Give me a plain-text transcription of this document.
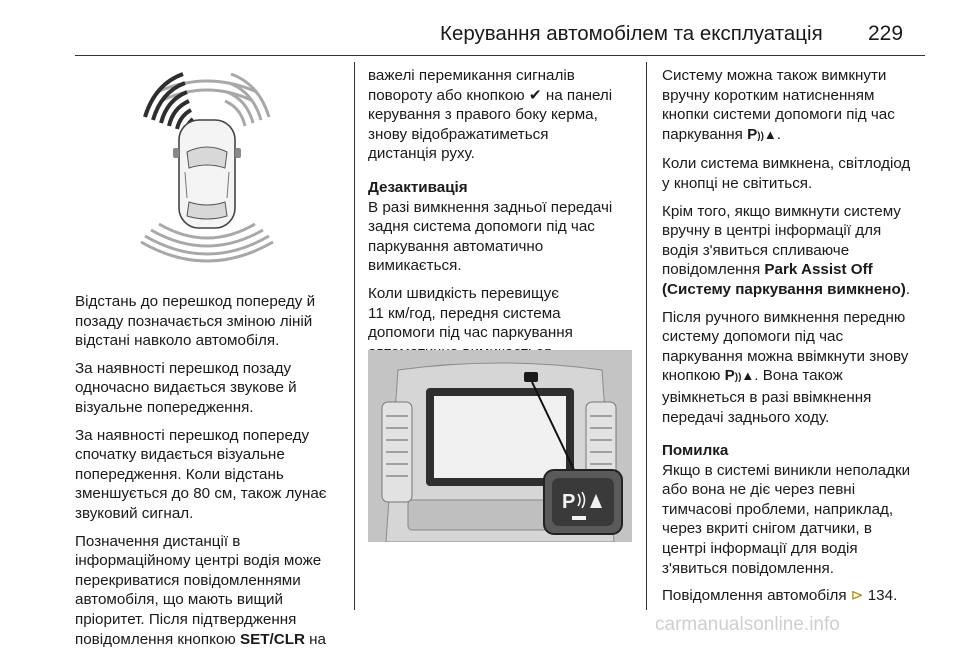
Керування автомобілем та експлуатація 229

Відстань до перешкод попереду й
позаду позначається зміною ліній
відстані навколо автомобіля.

За наявності перешкод позаду
одночасно видається звукове й
візуальне попередження.

За наявності перешкод попереду
спочатку видається візуальне
попередження. Коли відстань
зменшується до 80 см, також лунає
звуковий сигнал.

Позначення дистанції в
інформаційному центрі водія може
перекриватися повідомленнями
автомобіля, що мають вищий
пріоритет. Після підтвердження
повідомлення кнопкою SET/CLR на

важелі перемикання сигналів
повороту або кнопкою ✔ на панелі
керування з правого боку керма,
знову відображатиметься
дистанція руху.

Дезактивація

В разі вимкнення задньої передачі
задня система допомоги під час
паркування автоматично
вимикається.

Коли швидкість перевищує
11 км/год, передня система
допомоги під час паркування

P

Систему можна також вимкнути
вручну коротким натисненням
кнопки системи допомоги під час
паркування P))▲.

Коли система вимкнена, світлодіод
у кнопці не світиться.

Крім того, якщо вимкнути систему
вручну в центрі інформації для
водія з'явиться спливаюче
повідомлення Park Assist Off
(Систему паркування вимкнено).

Після ручного вимкнення передню
систему допомоги під час
паркування можна ввімкнути знову
кнопкою P))▲. Вона також
увімкнеться в разі ввімкнення
передачі заднього ходу.

Помилка

Якщо в системі виникли неполадки
або вона не діє через певні
тимчасові проблеми, наприклад,
через вкриті снігом датчики, в
центрі інформації для водія
з'явиться повідомлення.

Повідомлення автомобіля ⊳ 134.

carmanualsonline.info
